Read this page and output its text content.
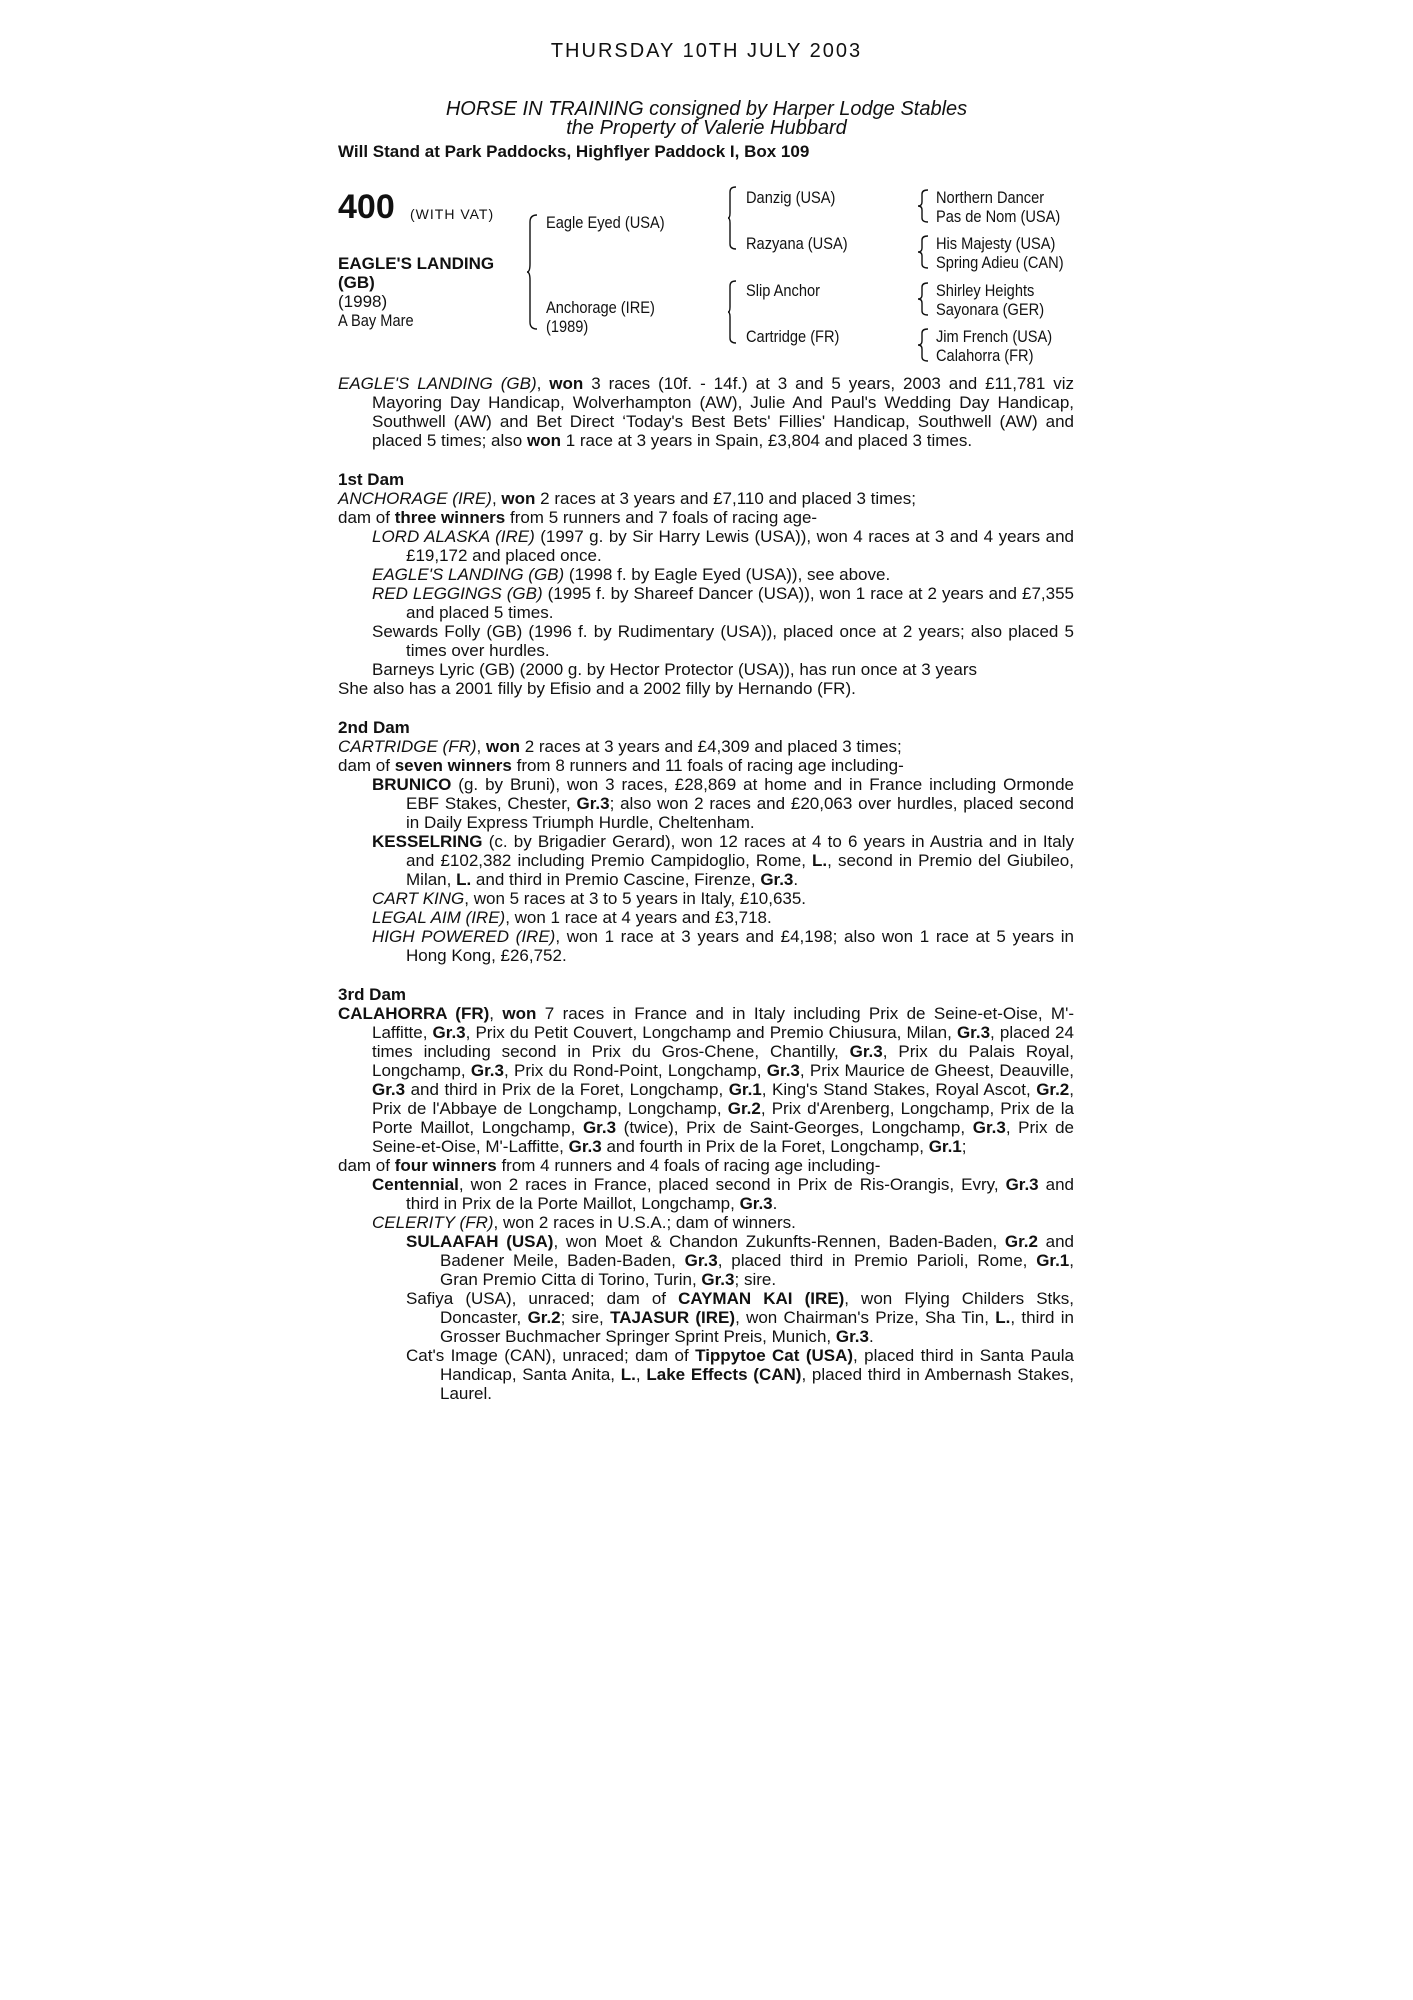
THURSDAY 10TH JULY 2003
HORSE IN TRAINING consigned by Harper Lodge Stables
the Property of Valerie Hubbard
Will Stand at Park Paddocks, Highflyer Paddock I, Box 109
400 (WITH VAT)
EAGLE'S LANDING
(GB)
(1998)
A Bay Mare
Eagle Eyed (USA)
Anchorage (IRE)
(1989)
Danzig (USA)
Razyana (USA)
Slip Anchor
Cartridge (FR)
Northern Dancer
Pas de Nom (USA)
His Majesty (USA)
Spring Adieu (CAN)
Shirley Heights
Sayonara (GER)
Jim French (USA)
Calahorra (FR)
EAGLE'S LANDING (GB), won 3 races (10f. - 14f.) at 3 and 5 years, 2003 and £11,781 viz Mayoring Day Handicap, Wolverhampton (AW), Julie And Paul's Wedding Day Handicap, Southwell (AW) and Bet Direct ‘Today's Best Bets' Fillies' Handicap, Southwell (AW) and placed 5 times; also won 1 race at 3 years in Spain, £3,804 and placed 3 times.
1st Dam
ANCHORAGE (IRE), won 2 races at 3 years and £7,110 and placed 3 times;
dam of three winners from 5 runners and 7 foals of racing age-
LORD ALASKA (IRE) (1997 g. by Sir Harry Lewis (USA)), won 4 races at 3 and 4 years and £19,172 and placed once.
EAGLE'S LANDING (GB) (1998 f. by Eagle Eyed (USA)), see above.
RED LEGGINGS (GB) (1995 f. by Shareef Dancer (USA)), won 1 race at 2 years and £7,355 and placed 5 times.
Sewards Folly (GB) (1996 f. by Rudimentary (USA)), placed once at 2 years; also placed 5 times over hurdles.
Barneys Lyric (GB) (2000 g. by Hector Protector (USA)), has run once at 3 years
She also has a 2001 filly by Efisio and a 2002 filly by Hernando (FR).
2nd Dam
CARTRIDGE (FR), won 2 races at 3 years and £4,309 and placed 3 times;
dam of seven winners from 8 runners and 11 foals of racing age including-
BRUNICO (g. by Bruni), won 3 races, £28,869 at home and in France including Ormonde EBF Stakes, Chester, Gr.3; also won 2 races and £20,063 over hurdles, placed second in Daily Express Triumph Hurdle, Cheltenham.
KESSELRING (c. by Brigadier Gerard), won 12 races at 4 to 6 years in Austria and in Italy and £102,382 including Premio Campidoglio, Rome, L., second in Premio del Giubileo, Milan, L. and third in Premio Cascine, Firenze, Gr.3.
CART KING, won 5 races at 3 to 5 years in Italy, £10,635.
LEGAL AIM (IRE), won 1 race at 4 years and £3,718.
HIGH POWERED (IRE), won 1 race at 3 years and £4,198; also won 1 race at 5 years in Hong Kong, £26,752.
3rd Dam
CALAHORRA (FR), won 7 races in France and in Italy including Prix de Seine-et-Oise, M'-Laffitte, Gr.3, Prix du Petit Couvert, Longchamp and Premio Chiusura, Milan, Gr.3, placed 24 times including second in Prix du Gros-Chene, Chantilly, Gr.3, Prix du Palais Royal, Longchamp, Gr.3, Prix du Rond-Point, Longchamp, Gr.3, Prix Maurice de Gheest, Deauville, Gr.3 and third in Prix de la Foret, Longchamp, Gr.1, King's Stand Stakes, Royal Ascot, Gr.2, Prix de l'Abbaye de Longchamp, Longchamp, Gr.2, Prix d'Arenberg, Longchamp, Prix de la Porte Maillot, Longchamp, Gr.3 (twice), Prix de Saint-Georges, Longchamp, Gr.3, Prix de Seine-et-Oise, M'-Laffitte, Gr.3 and fourth in Prix de la Foret, Longchamp, Gr.1;
dam of four winners from 4 runners and 4 foals of racing age including-
Centennial, won 2 races in France, placed second in Prix de Ris-Orangis, Evry, Gr.3 and third in Prix de la Porte Maillot, Longchamp, Gr.3.
CELERITY (FR), won 2 races in U.S.A.; dam of winners.
SULAAFAH (USA), won Moet & Chandon Zukunfts-Rennen, Baden-Baden, Gr.2 and Badener Meile, Baden-Baden, Gr.3, placed third in Premio Parioli, Rome, Gr.1, Gran Premio Citta di Torino, Turin, Gr.3; sire.
Safiya (USA), unraced; dam of CAYMAN KAI (IRE), won Flying Childers Stks, Doncaster, Gr.2; sire, TAJASUR (IRE), won Chairman's Prize, Sha Tin, L., third in Grosser Buchmacher Springer Sprint Preis, Munich, Gr.3.
Cat's Image (CAN), unraced; dam of Tippytoe Cat (USA), placed third in Santa Paula Handicap, Santa Anita, L., Lake Effects (CAN), placed third in Ambernash Stakes, Laurel.
